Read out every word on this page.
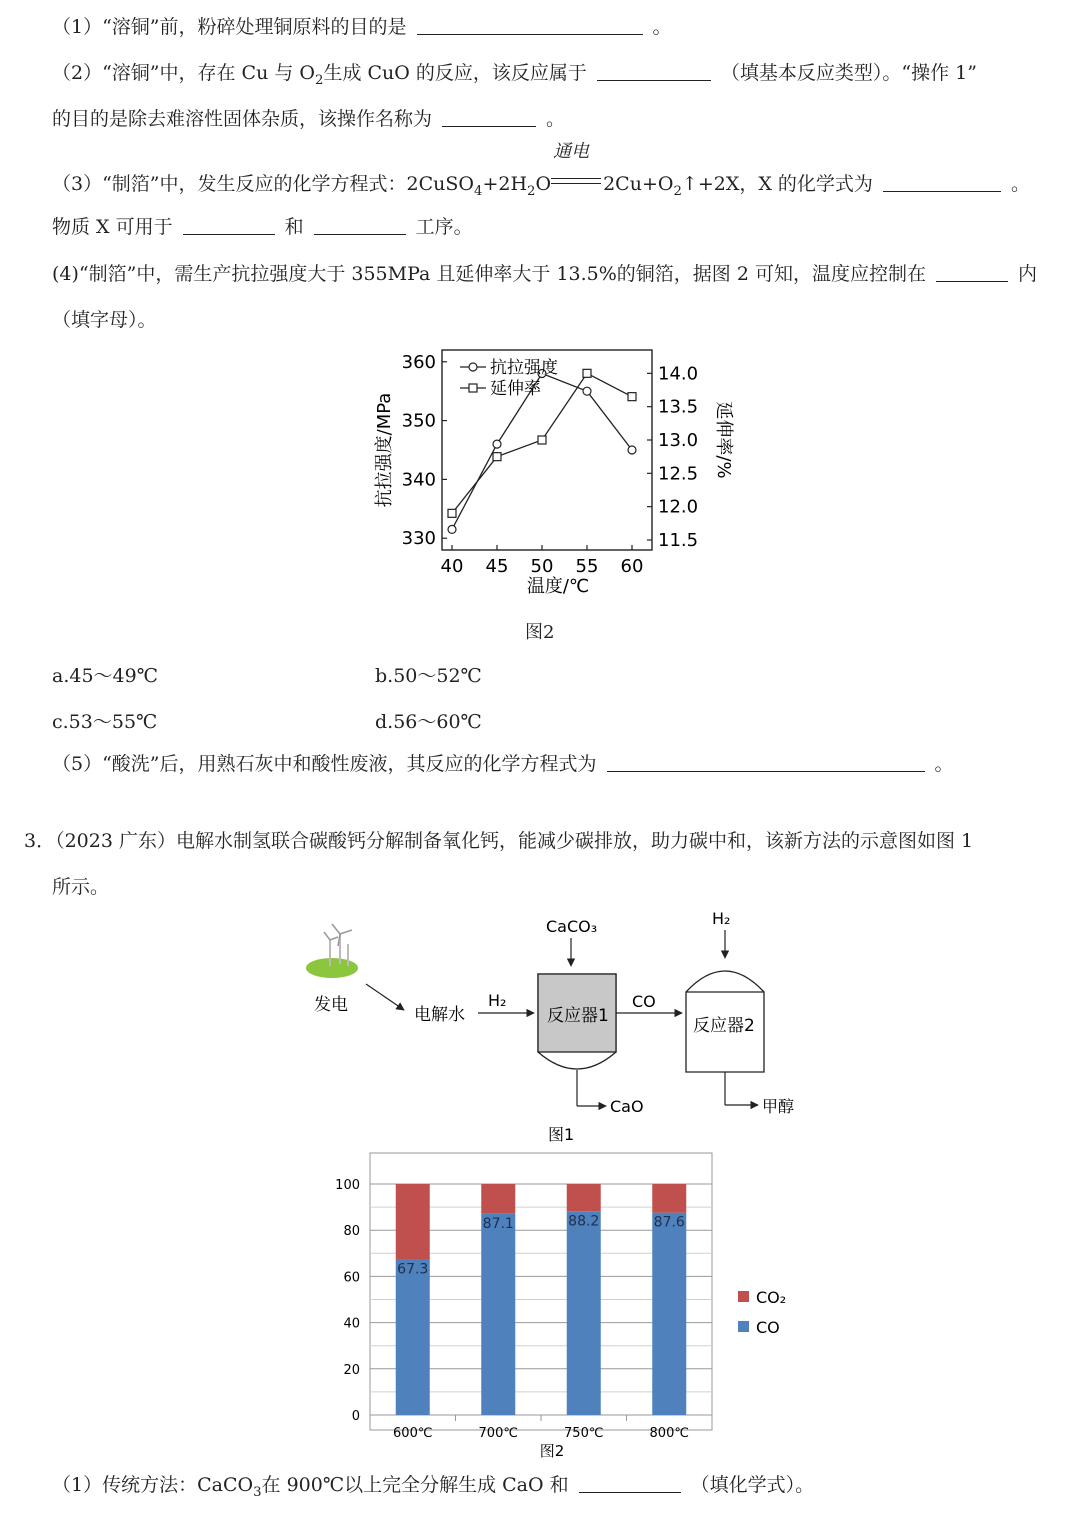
（1）“溶铜”前，粉碎处理铜原料的目的是	。
（2）“溶铜”中，存在 Cu 与 $O_2$生成 CuO 的反应，该反应属于	（填基本反应类型）。“操作 1”
的目的是除去难溶性固体杂质，该操作名称为	。
（3）“制箔”中，发生反应的化学方程式：$2CuSO_4+2H_2O$
通电
$2Cu+O_2↑+2X$，X 的化学式为	。
物质 X 可用于	和	工序。
(4)“制箔”中，需生产抗拉强度大于 355MPa 且延伸率大于 13.5%的铜箔，据图 2 可知，温度应控制在	内
（填字母）。
40 45 50 55 60
330
340
350
360
11.5
12.0
12.5
13.0
13.5
14.0
抗拉强度
延伸率
温度/℃
抗拉强度/MPa	延伸率/%
图2
a.45～49℃	b.50～52℃
c.53～55℃	d.56～60℃
（5）“酸洗”后，用熟石灰中和酸性废液，其反应的化学方程式为	。
3．（2023 广东）电解水制氢联合碳酸钙分解制备氧化钙，能减少碳排放，助力碳中和，该新方法的示意图如图 1
所示。
发电	电解水
H₂
CaCO₃
反应器1
CO
CaO
H₂
反应器2
甲醇
图1
0
20
40
60
80
100
67.3
600℃
87.1
700℃
88.2
750℃
87.6
800℃
CO₂
CO
图2
（1）传统方法：CaCO$_3$在 900℃以上完全分解生成 CaO 和	（填化学式）。
